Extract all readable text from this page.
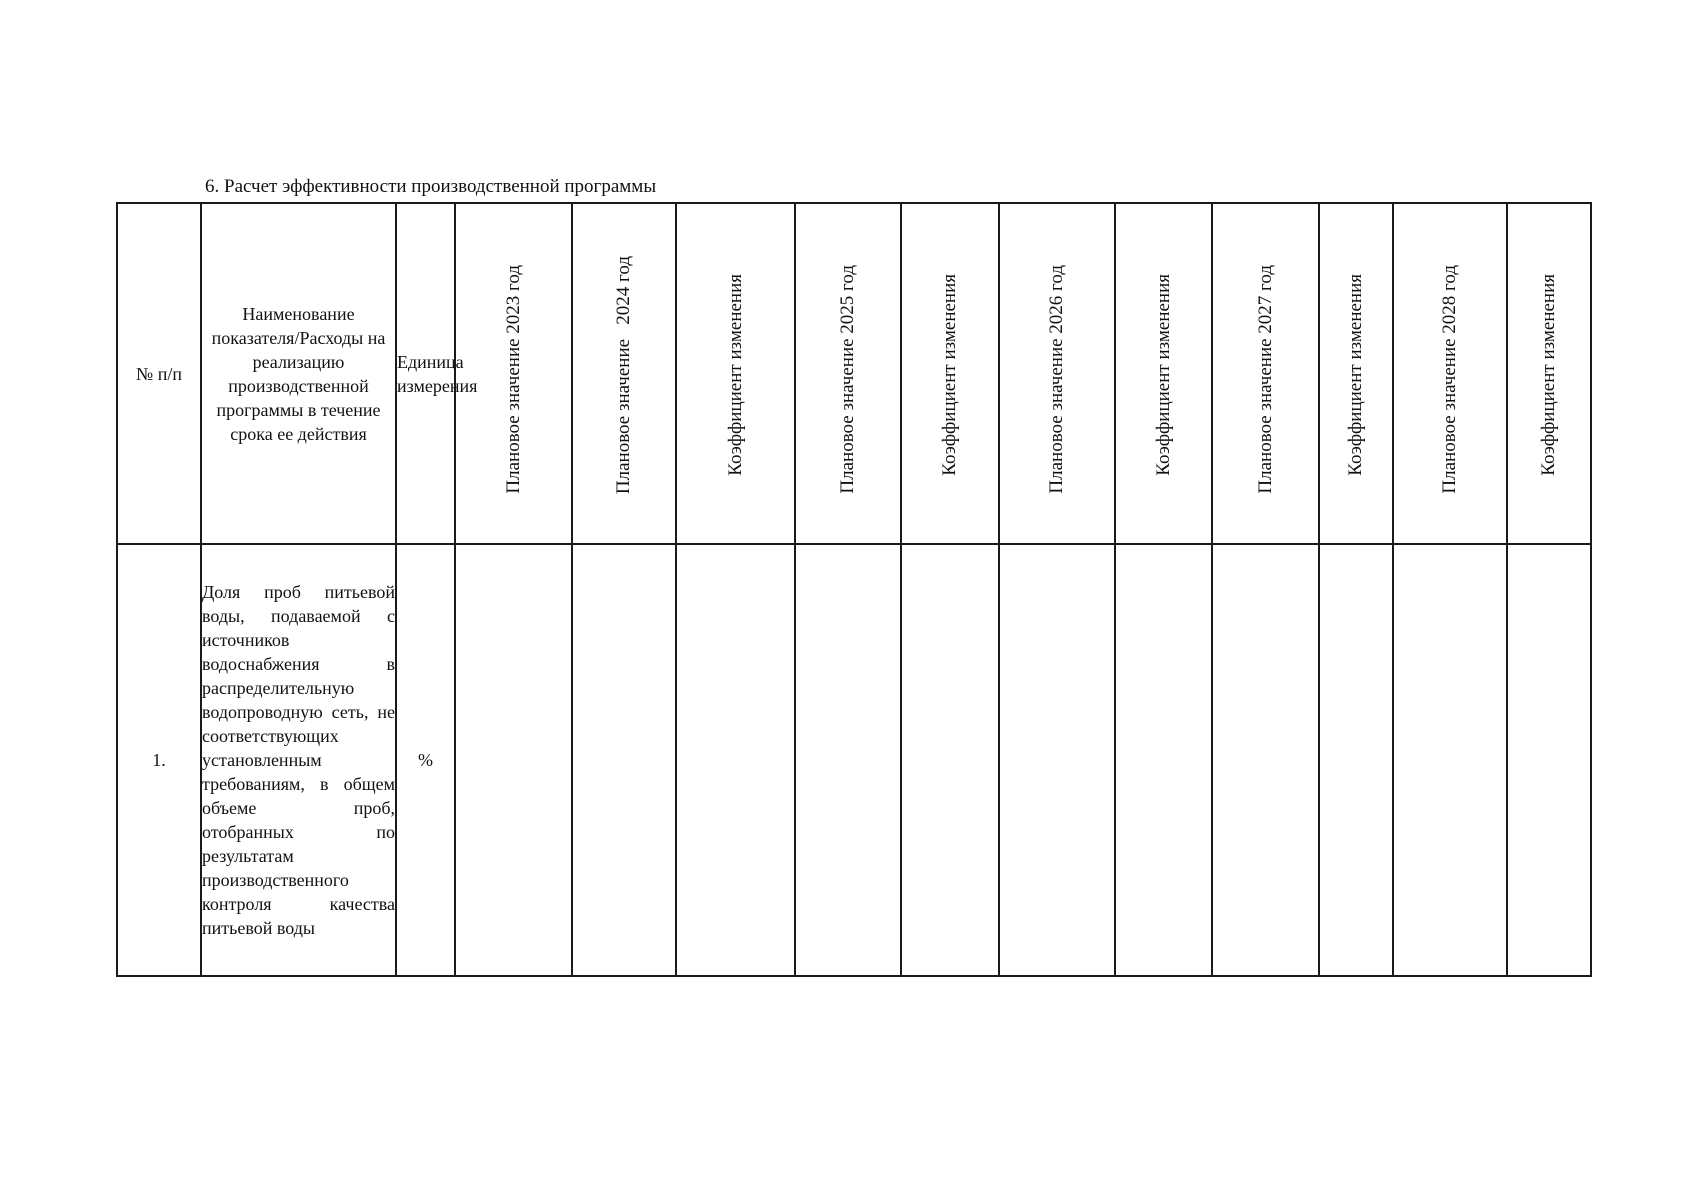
6. Расчет эффективности производственной программы
№ п/п	Наименование показателя/Расходы на реализацию производственной программы в течение срока ее действия	Единица измерения	Плановое значение 2023 год	Плановое значение   2024 год	Коэффициент изменения	Плановое значение 2025 год	Коэффициент изменения	Плановое значение 2026 год	Коэффициент изменения	Плановое значение 2027 год	Коэффициент изменения	Плановое значение 2028 год	Коэффициент изменения
1.	Доля проб питьевой воды, подаваемой с источников водоснабжения в распределительную водопроводную сеть, не соответствующих установленным требованиям, в общем объеме проб, отобранных по результатам производственного контроля качества питьевой воды	%											
